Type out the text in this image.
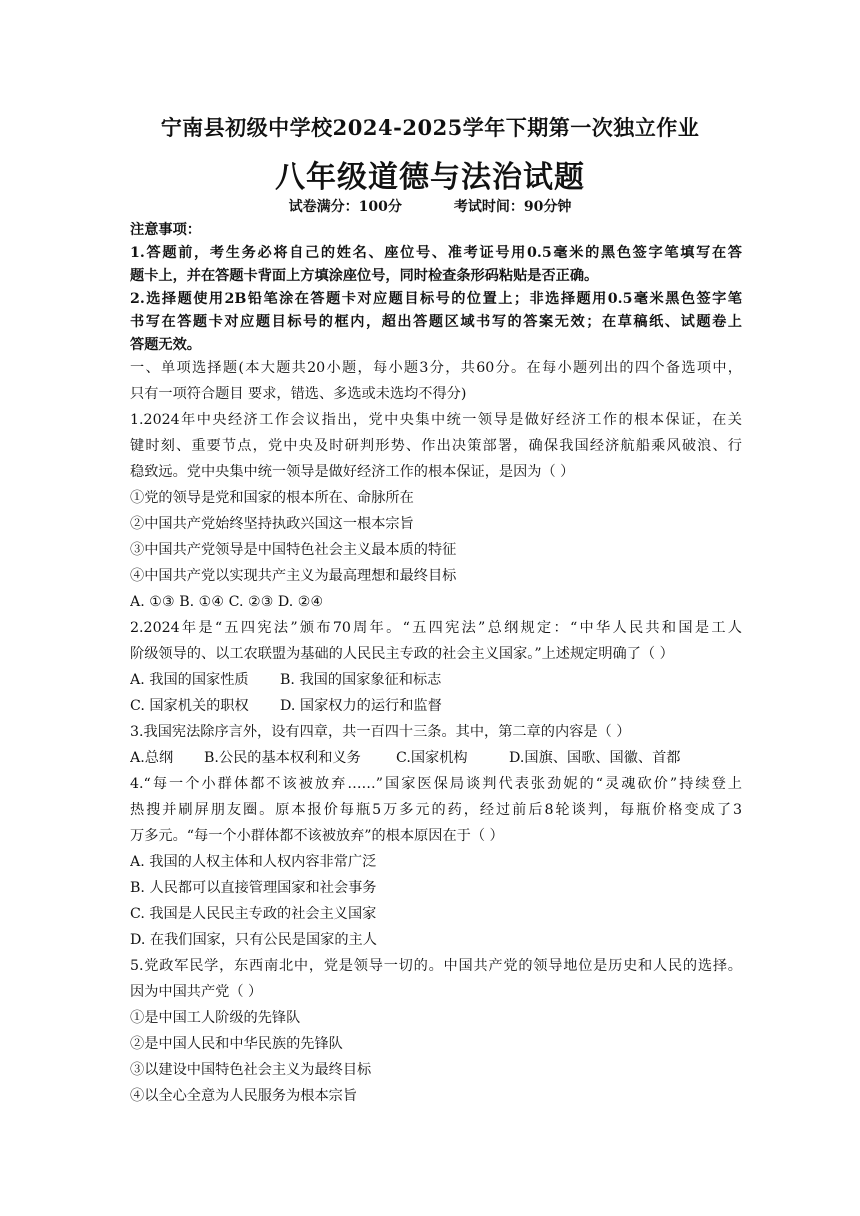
宁南县初级中学校2024-2025学年下期第一次独立作业
八年级道德与法治试题
试卷满分：100分	考试时间：90分钟
注意事项：
1.答题前，考生务必将自己的姓名、座位号、准考证号用0.5毫米的黑色签字笔填写在答
题卡上，并在答题卡背面上方填涂座位号，同时检查条形码粘贴是否正确。
2.选择题使用2B铅笔涂在答题卡对应题目标号的位置上；非选择题用0.5毫米黑色签字笔
书写在答题卡对应题目标号的框内，超出答题区域书写的答案无效；在草稿纸、试题卷上
答题无效。
一、单项选择题(本大题共20小题，每小题3分，共60分。在每小题列出的四个备选项中，
只有一项符合题目 要求，错选、多选或未选均不得分)
1.2024年中央经济工作会议指出，党中央集中统一领导是做好经济工作的根本保证，在关
键时刻、重要节点，党中央及时研判形势、作出决策部署，确保我国经济航船乘风破浪、行
稳致远。党中央集中统一领导是做好经济工作的根本保证，是因为（ ）
①党的领导是党和国家的根本所在、命脉所在
②中国共产党始终坚持执政兴国这一根本宗旨
③中国共产党领导是中国特色社会主义最本质的特征
④中国共产党以实现共产主义为最高理想和最终目标
A. ①③ B. ①④ C. ②③ D. ②④
2.2024年是“五四宪法”颁布70周年。“五四宪法”总纲规定：“中华人民共和国是工人
阶级领导的、以工农联盟为基础的人民民主专政的社会主义国家。”上述规定明确了（ ）
A. 我国的国家性质 B. 我国的国家象征和标志
C. 国家机关的职权 D. 国家权力的运行和监督
3.我国宪法除序言外，设有四章，共一百四十三条。其中，第二章的内容是（ ）
A.总纲 B.公民的基本权利和义务 C.国家机构	D.国旗、国歌、国徽、首都
4.“每一个小群体都不该被放弃……”国家医保局谈判代表张劲妮的“灵魂砍价”持续登上
热搜并刷屏朋友圈。原本报价每瓶5万多元的药，经过前后8轮谈判，每瓶价格变成了3
万多元。“每一个小群体都不该被放弃”的根本原因在于（ ）
A. 我国的人权主体和人权内容非常广泛
B. 人民都可以直接管理国家和社会事务
C. 我国是人民民主专政的社会主义国家
D. 在我们国家，只有公民是国家的主人
5.党政军民学，东西南北中，党是领导一切的。中国共产党的领导地位是历史和人民的选择。
因为中国共产党（ ）
①是中国工人阶级的先锋队
②是中国人民和中华民族的先锋队
③以建设中国特色社会主义为最终目标
④以全心全意为人民服务为根本宗旨
